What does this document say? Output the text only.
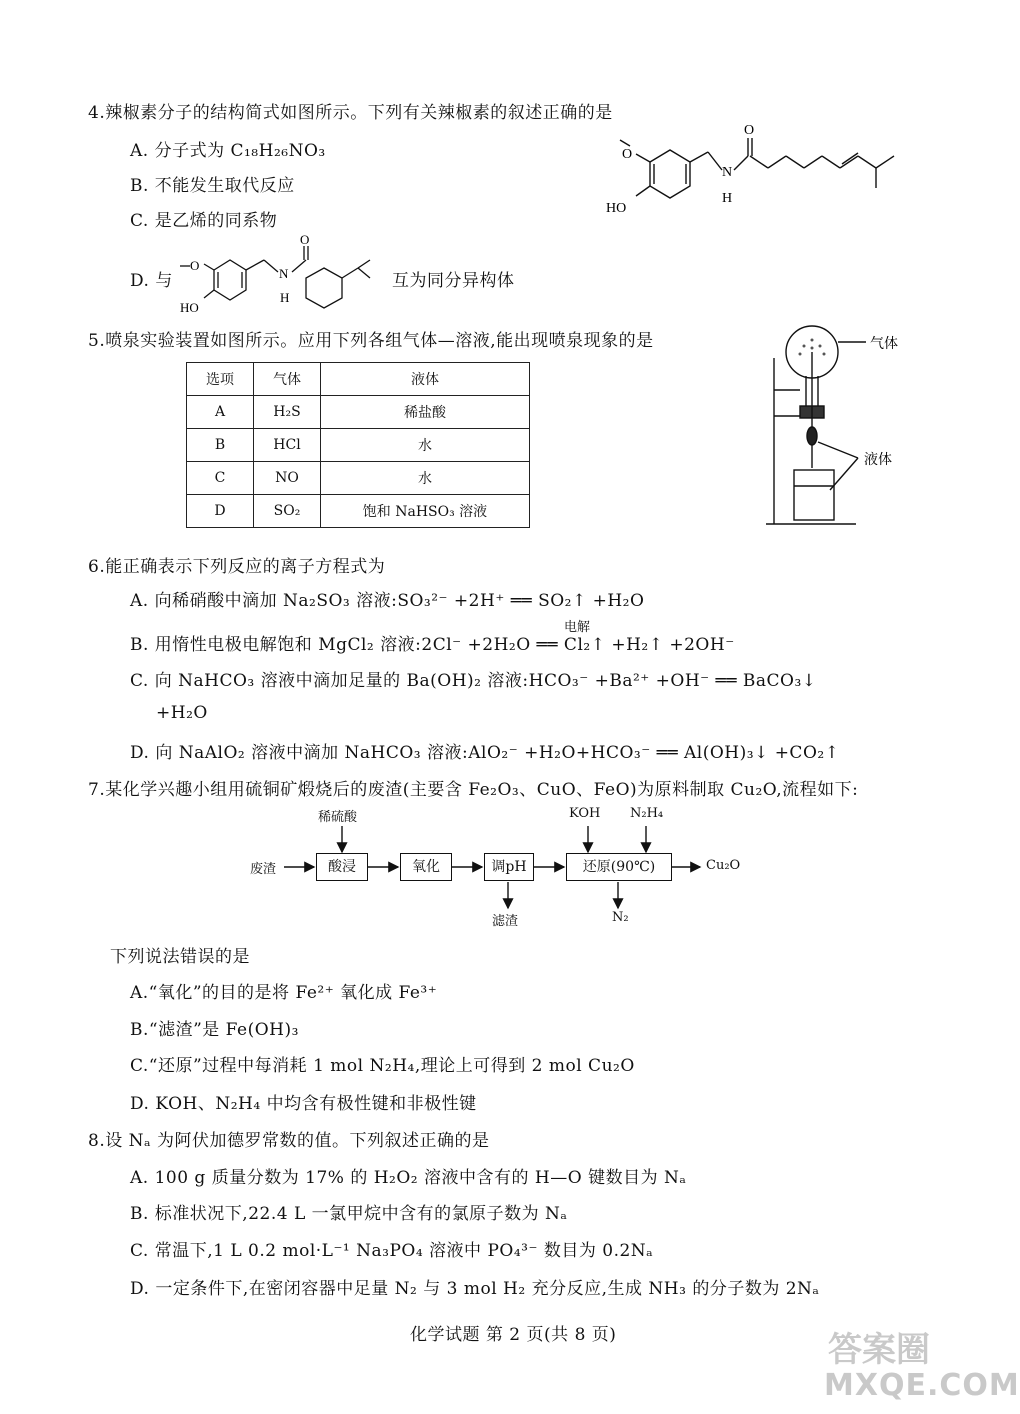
4.辣椒素分子的结构简式如图所示。下列有关辣椒素的叙述正确的是
A. 分子式为 C₁₈H₂₆NO₃
B. 不能发生取代反应
C. 是乙烯的同系物
D. 与	互为同分异构体
O
HO
N
H
O
O
HO
N
H
O
5.喷泉实验装置如图所示。应用下列各组气体—溶液,能出现喷泉现象的是
选项	气体	液体
A	H₂S	稀盐酸
B	HCl	水
C	NO	水
D	SO₂	饱和 NaHSO₃ 溶液
气体
液体
6.能正确表示下列反应的离子方程式为
A. 向稀硝酸中滴加 Na₂SO₃ 溶液:SO₃²⁻ +2H⁺ ══ SO₂↑ +H₂O
电解
B. 用惰性电极电解饱和 MgCl₂ 溶液:2Cl⁻ +2H₂O ══ Cl₂↑ +H₂↑ +2OH⁻
C. 向 NaHCO₃ 溶液中滴加足量的 Ba(OH)₂ 溶液:HCO₃⁻ +Ba²⁺ +OH⁻ ══ BaCO₃↓
+H₂O
D. 向 NaAlO₂ 溶液中滴加 NaHCO₃ 溶液:AlO₂⁻ +H₂O+HCO₃⁻ ══ Al(OH)₃↓ +CO₂↑
7.某化学兴趣小组用硫铜矿煅烧后的废渣(主要含 Fe₂O₃、CuO、FeO)为原料制取 Cu₂O,流程如下:
稀硫酸	KOH N₂H₄
废渣	酸浸	氧化	调pH	还原(90℃)	Cu₂O
滤渣	N₂
下列说法错误的是
A.“氧化”的目的是将 Fe²⁺ 氧化成 Fe³⁺
B.“滤渣”是 Fe(OH)₃
C.“还原”过程中每消耗 1 mol N₂H₄,理论上可得到 2 mol Cu₂O
D. KOH、N₂H₄ 中均含有极性键和非极性键
8.设 Nₐ 为阿伏加德罗常数的值。下列叙述正确的是
A. 100 g 质量分数为 17% 的 H₂O₂ 溶液中含有的 H—O 键数目为 Nₐ
B. 标准状况下,22.4 L 一氯甲烷中含有的氯原子数为 Nₐ
C. 常温下,1 L 0.2 mol·L⁻¹ Na₃PO₄ 溶液中 PO₄³⁻ 数目为 0.2Nₐ
D. 一定条件下,在密闭容器中足量 N₂ 与 3 mol H₂ 充分反应,生成 NH₃ 的分子数为 2Nₐ
化学试题 第 2 页(共 8 页)	答案圈
MXQE.COM
